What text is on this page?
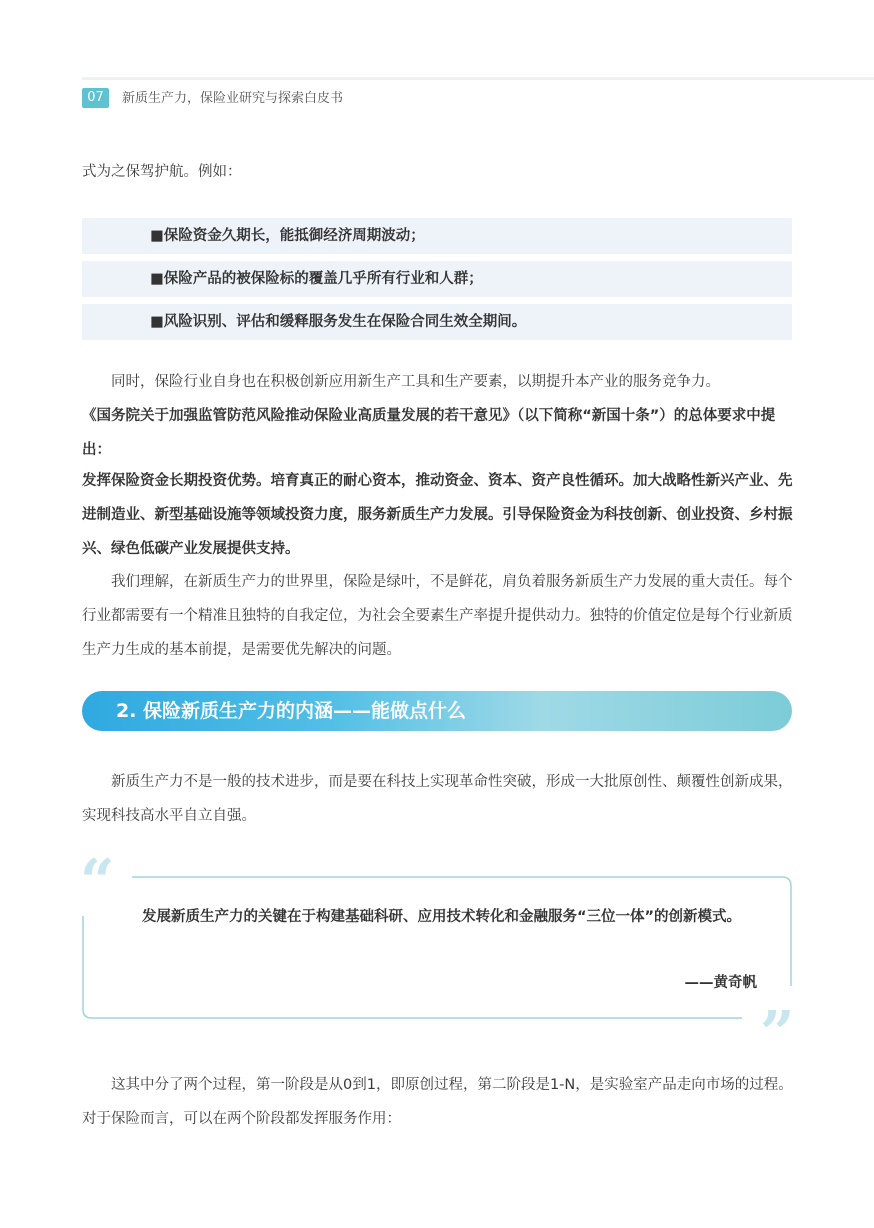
07	新质生产力，保险业研究与探索白皮书

式为之保驾护航。例如：

■保险资金久期长，能抵御经济周期波动；
■保险产品的被保险标的覆盖几乎所有行业和人群；
■风险识别、评估和缓释服务发生在保险合同生效全期间。

　　同时，保险行业自身也在积极创新应用新生产工具和生产要素，以期提升本产业的服务竞争力。

《国务院关于加强监管防范风险推动保险业高质量发展的若干意见》（以下简称“新国十条”）的总体要求中提出：

发挥保险资金长期投资优势。培育真正的耐心资本，推动资金、资本、资产良性循环。加大战略性新兴产业、先进制造业、新型基础设施等领域投资力度，服务新质生产力发展。引导保险资金为科技创新、创业投资、乡村振兴、绿色低碳产业发展提供支持。

　　我们理解，在新质生产力的世界里，保险是绿叶，不是鲜花，肩负着服务新质生产力发展的重大责任。每个行业都需要有一个精准且独特的自我定位，为社会全要素生产率提升提供动力。独特的价值定位是每个行业新质生产力生成的基本前提，是需要优先解决的问题。

2. 保险新质生产力的内涵——能做点什么

　　新质生产力不是一般的技术进步，而是要在科技上实现革命性突破，形成一大批原创性、颠覆性创新成果，实现科技高水平自立自强。

“
”

　　发展新质生产力的关键在于构建基础科研、应用技术转化和金融服务“三位一体”的创新模式。

——黄奇帆

　　这其中分了两个过程，第一阶段是从0到1，即原创过程，第二阶段是1-N，是实验室产品走向市场的过程。对于保险而言，可以在两个阶段都发挥服务作用：
